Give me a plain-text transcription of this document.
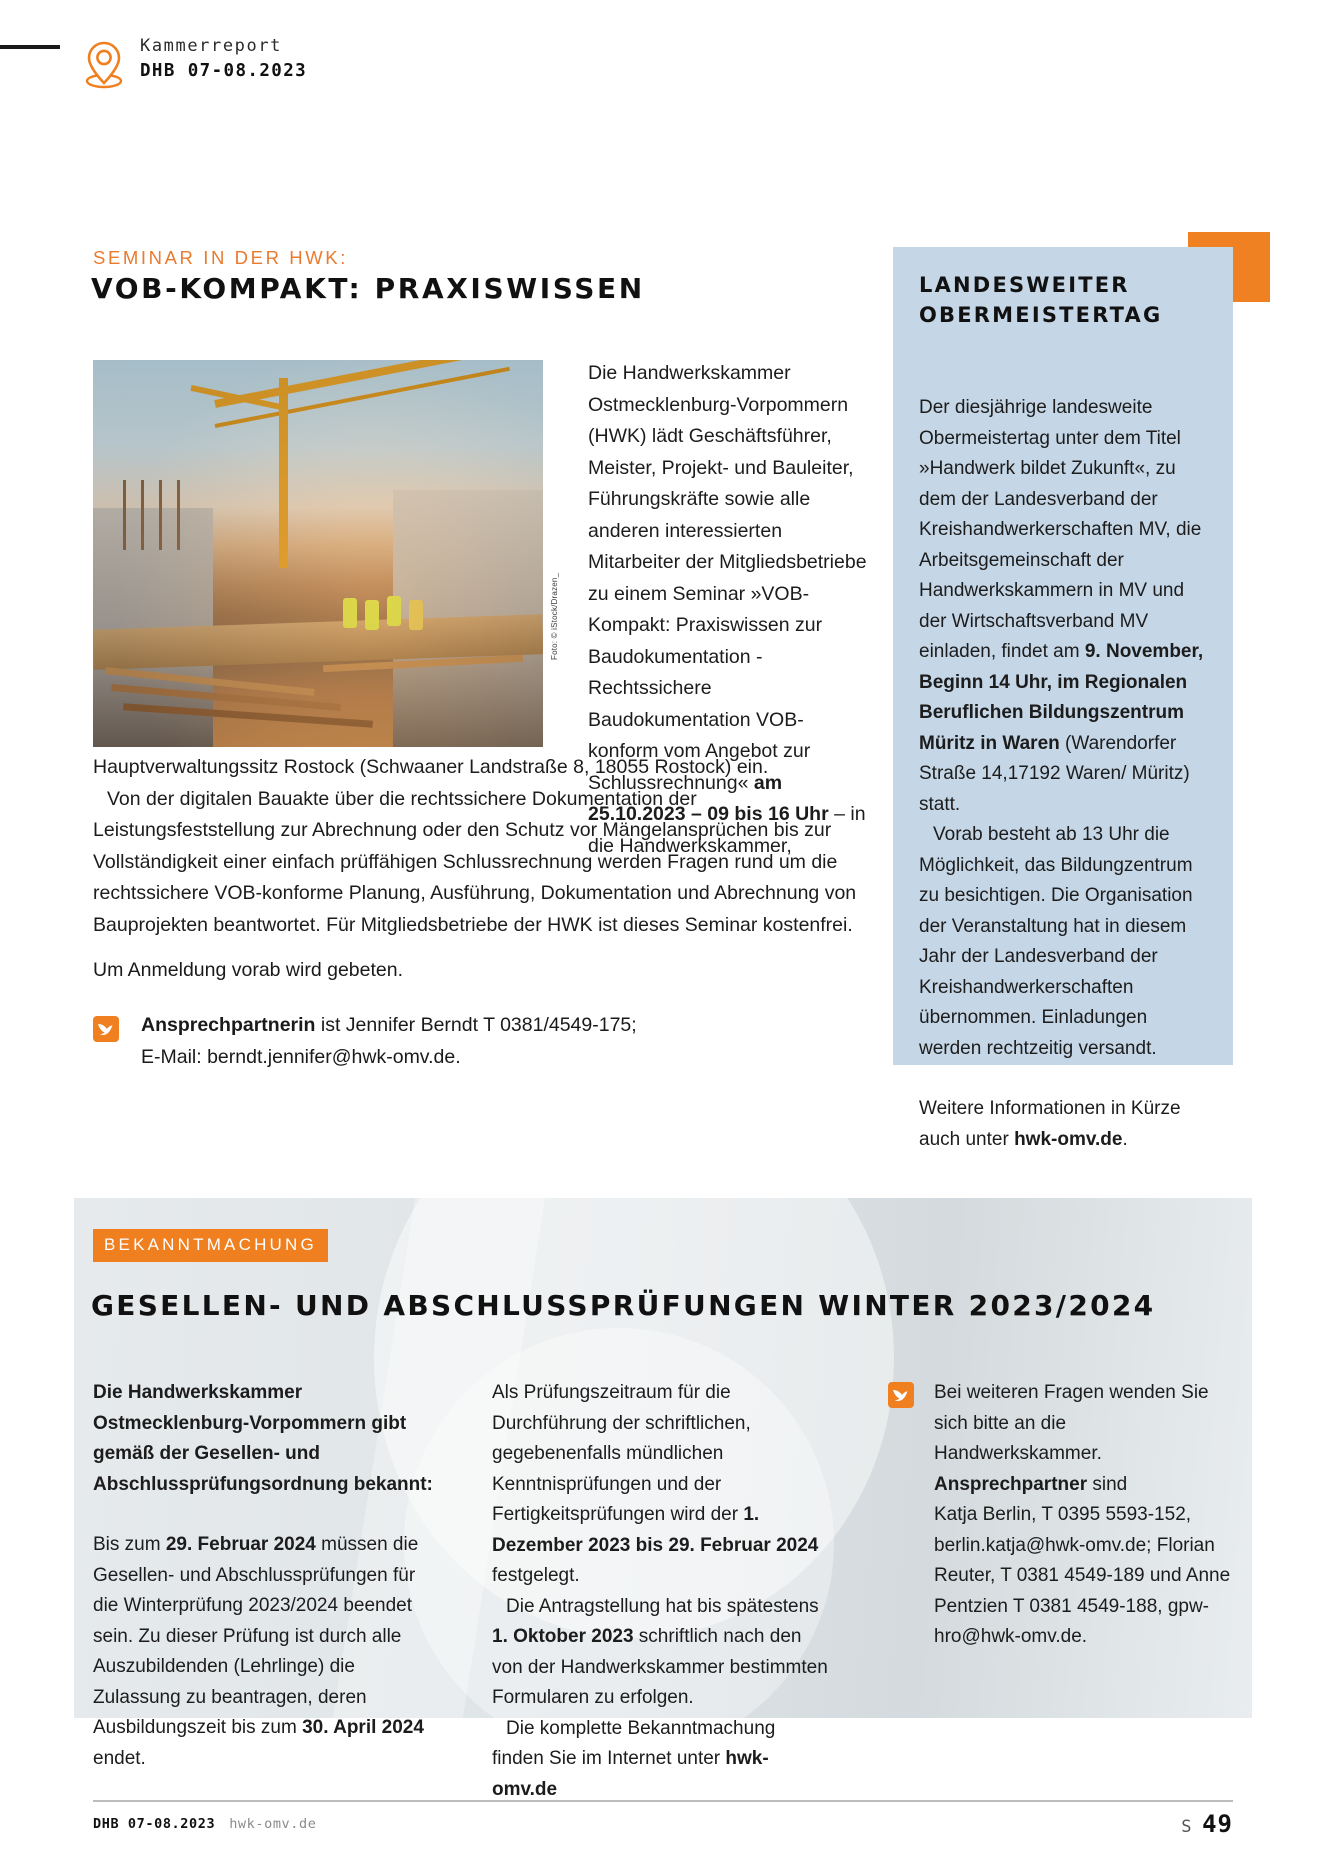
Kammerreport
DHB 07-08.2023
SEMINAR IN DER HWK:
VOB-KOMPAKT: PRAXISWISSEN
Foto: © iStock/Drazen_
Die Handwerkskammer Ostmecklenburg-Vorpommern (HWK) lädt Geschäftsführer, Meister, Projekt- und Bauleiter, Führungskräfte sowie alle anderen interessierten Mitarbeiter der Mitgliedsbetriebe zu einem Seminar »VOB-Kompakt: Praxiswissen zur Baudokumentation - Rechtssichere Baudokumentation VOB-konform vom Angebot zur Schlussrechnung« am 25.10.2023 – 09 bis 16 Uhr – in die Handwerkskammer,

Hauptverwaltungssitz Rostock (Schwaaner Landstraße 8, 18055 Rostock) ein.

Von der digitalen Bauakte über die rechtssichere Dokumentation der Leistungsfeststellung zur Abrechnung oder den Schutz vor Mängelansprüchen bis zur Vollständigkeit einer einfach prüffähigen Schlussrechnung werden Fragen rund um die rechtssichere VOB-konforme Planung, Ausführung, Dokumentation und Abrechnung von Bauprojekten beantwortet. Für Mitgliedsbetriebe der HWK ist dieses Seminar kostenfrei.

Um Anmeldung vorab wird gebeten.
Ansprechpartnerin ist Jennifer Berndt T 0381/4549-175;
E-Mail: berndt.jennifer@hwk-omv.de.
LANDESWEITER
OBERMEISTERTAG

Der diesjährige landesweite Obermeistertag unter dem Titel »Handwerk bildet Zukunft«, zu dem der Landesverband der Kreishandwerkerschaften MV, die Arbeitsgemeinschaft der Handwerkskammern in MV und der Wirtschaftsverband MV einladen, findet am 9. November, Beginn 14 Uhr, im Regionalen Beruflichen Bildungszentrum Müritz in Waren (Warendorfer Straße 14,17192 Waren/ Müritz) statt.

Vorab besteht ab 13 Uhr die Möglichkeit, das Bildungzentrum zu besichtigen. Die Organisation der Veranstaltung hat in diesem Jahr der Landesverband der Kreishandwerkerschaften übernommen. Einladungen werden rechtzeitig versandt.

Weitere Informationen in Kürze auch unter hwk-omv.de.

BEKANNTMACHUNG
GESELLEN- UND ABSCHLUSSPRÜFUNGEN WINTER 2023/2024

Die Handwerkskammer Ostmecklenburg-Vorpommern gibt gemäß der Gesellen- und Abschlussprüfungsordnung bekannt:

Bis zum 29. Februar 2024 müssen die Gesellen- und Abschlussprüfungen für die Winterprüfung 2023/2024 beendet sein. Zu dieser Prüfung ist durch alle Auszubildenden (Lehrlinge) die Zulassung zu beantragen, deren Ausbildungszeit bis zum 30. April 2024 endet.

Als Prüfungszeitraum für die Durchführung der schriftlichen, gegebenenfalls mündlichen Kenntnisprüfungen und der Fertigkeitsprüfungen wird der 1. Dezember 2023 bis 29. Februar 2024 festgelegt.

Die Antragstellung hat bis spätestens 1. Oktober 2023 schriftlich nach den von der Handwerkskammer bestimmten Formularen zu erfolgen.

Die komplette Bekanntmachung finden Sie im Internet unter hwk-omv.de

Bei weiteren Fragen wenden Sie sich bitte an die Handwerkskammer.

Ansprechpartner sind

Katja Berlin, T 0395 5593-152, berlin.katja@hwk-omv.de; Florian Reuter, T 0381 4549-189 und Anne Pentzien T 0381 4549-188, gpw-hro@hwk-omv.de.

DHB 07-08.2023 hwk-omv.de	S 49
